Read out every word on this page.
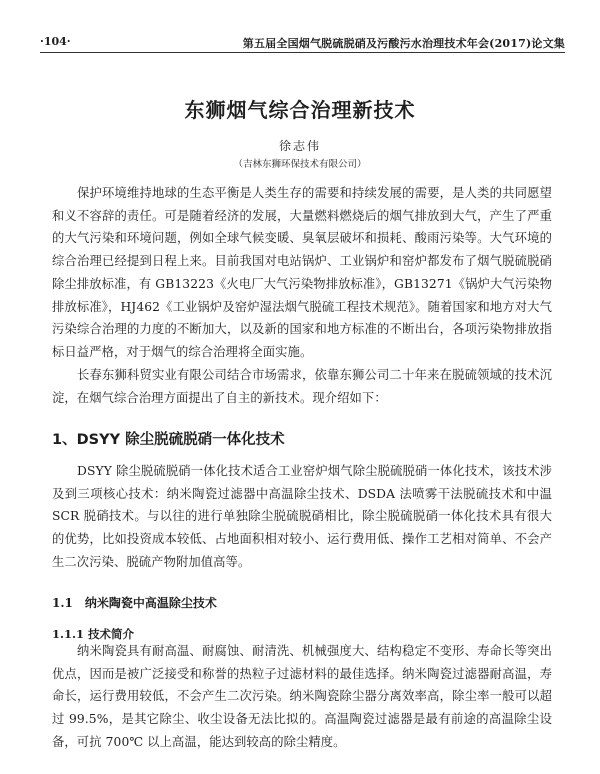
·104·	第五届全国烟气脱硫脱硝及污酸污水治理技术年会(2017)论文集
东狮烟气综合治理新技术
徐志伟
（吉林东狮环保技术有限公司）

保护环境维持地球的生态平衡是人类生存的需要和持续发展的需要，是人类的共同愿望和义不容辞的责任。可是随着经济的发展，大量燃料燃烧后的烟气排放到大气，产生了严重的大气污染和环境问题，例如全球气候变暖、臭氧层破坏和损耗、酸雨污染等。大气环境的综合治理已经提到日程上来。目前我国对电站锅炉、工业锅炉和窑炉都发布了烟气脱硫脱硝除尘排放标准，有 GB13223《火电厂大气污染物排放标准》，GB13271《锅炉大气污染物排放标准》，HJ462《工业锅炉及窑炉湿法烟气脱硫工程技术规范》。随着国家和地方对大气污染综合治理的力度的不断加大，以及新的国家和地方标准的不断出台，各项污染物排放指标日益严格，对于烟气的综合治理将全面实施。

长春东狮科贸实业有限公司结合市场需求，依靠东狮公司二十年来在脱硫领域的技术沉淀，在烟气综合治理方面提出了自主的新技术。现介绍如下：

1、DSYY 除尘脱硫脱硝一体化技术

DSYY 除尘脱硫脱硝一体化技术适合工业窑炉烟气除尘脱硫脱硝一体化技术，该技术涉及到三项核心技术：纳米陶瓷过滤器中高温除尘技术、DSDA 法喷雾干法脱硫技术和中温 SCR 脱硝技术。与以往的进行单独除尘脱硫脱硝相比，除尘脱硫脱硝一体化技术具有很大的优势，比如投资成本较低、占地面积相对较小、运行费用低、操作工艺相对简单、不会产生二次污染、脱硫产物附加值高等。

1.1　纳米陶瓷中高温除尘技术
1.1.1 技术简介

纳米陶瓷具有耐高温、耐腐蚀、耐清洗、机械强度大、结构稳定不变形、寿命长等突出优点，因而是被广泛接受和称誉的热粒子过滤材料的最佳选择。纳米陶瓷过滤器耐高温，寿命长，运行费用较低，不会产生二次污染。纳米陶瓷除尘器分离效率高，除尘率一般可以超过 99.5%，是其它除尘、收尘设备无法比拟的。高温陶瓷过滤器是最有前途的高温除尘设备，可抗 700℃ 以上高温，能达到较高的除尘精度。
